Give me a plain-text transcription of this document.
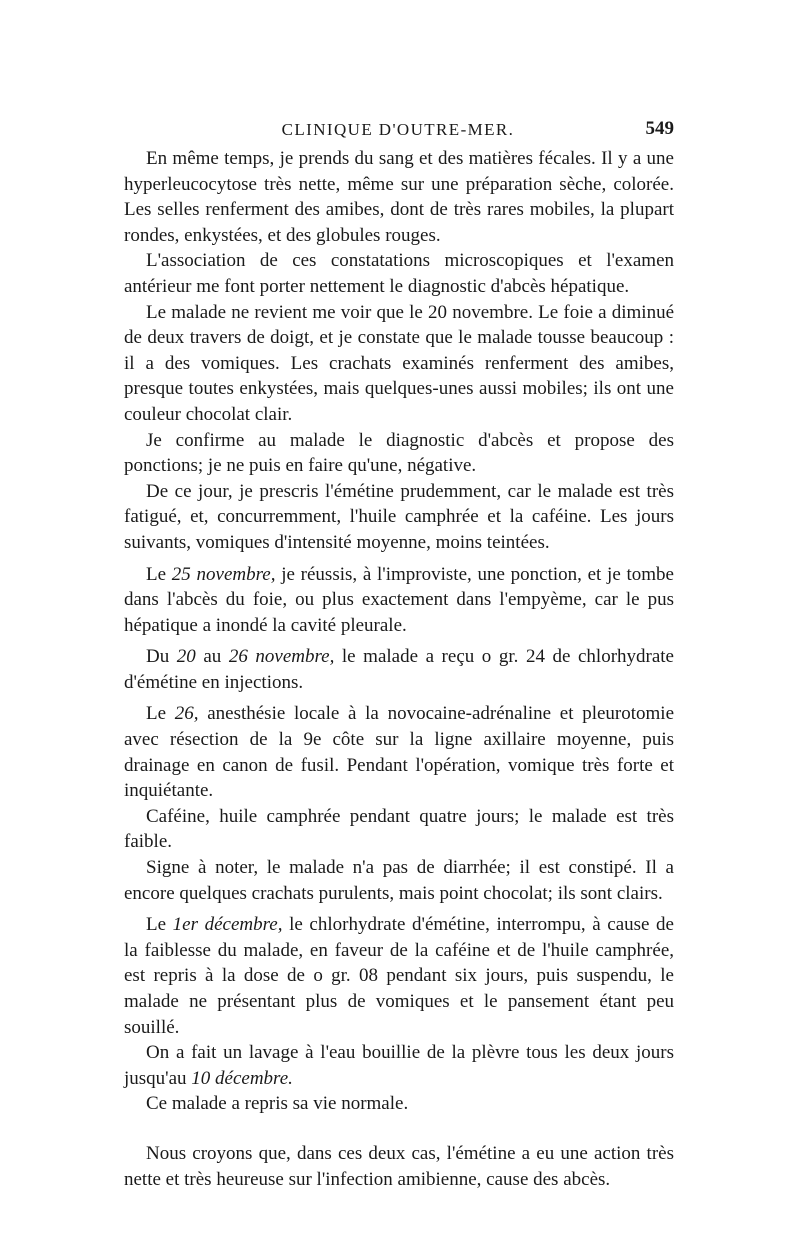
CLINIQUE D'OUTRE-MER.	549

En même temps, je prends du sang et des matières fécales. Il y a une hyperleucocytose très nette, même sur une préparation sèche, colorée. Les selles renferment des amibes, dont de très rares mobiles, la plupart rondes, enkystées, et des globules rouges.

L'association de ces constatations microscopiques et l'examen antérieur me font porter nettement le diagnostic d'abcès hépatique.

Le malade ne revient me voir que le 20 novembre. Le foie a diminué de deux travers de doigt, et je constate que le malade tousse beaucoup : il a des vomiques. Les crachats examinés renferment des amibes, presque toutes enkystées, mais quelques-unes aussi mobiles; ils ont une couleur chocolat clair.

Je confirme au malade le diagnostic d'abcès et propose des ponctions; je ne puis en faire qu'une, négative.

De ce jour, je prescris l'émétine prudemment, car le malade est très fatigué, et, concurremment, l'huile camphrée et la caféine. Les jours suivants, vomiques d'intensité moyenne, moins teintées.

Le 25 novembre, je réussis, à l'improviste, une ponction, et je tombe dans l'abcès du foie, ou plus exactement dans l'empyème, car le pus hépatique a inondé la cavité pleurale.

Du 20 au 26 novembre, le malade a reçu o gr. 24 de chlorhydrate d'émétine en injections.

Le 26, anesthésie locale à la novocaine-adrénaline et pleurotomie avec résection de la 9e côte sur la ligne axillaire moyenne, puis drainage en canon de fusil. Pendant l'opération, vomique très forte et inquiétante.

Caféine, huile camphrée pendant quatre jours; le malade est très faible.

Signe à noter, le malade n'a pas de diarrhée; il est constipé. Il a encore quelques crachats purulents, mais point chocolat; ils sont clairs.

Le 1er décembre, le chlorhydrate d'émétine, interrompu, à cause de la faiblesse du malade, en faveur de la caféine et de l'huile camphrée, est repris à la dose de o gr. 08 pendant six jours, puis suspendu, le malade ne présentant plus de vomiques et le pansement étant peu souillé.

On a fait un lavage à l'eau bouillie de la plèvre tous les deux jours jusqu'au 10 décembre.

Ce malade a repris sa vie normale.

Nous croyons que, dans ces deux cas, l'émétine a eu une action très nette et très heureuse sur l'infection amibienne, cause des abcès.
